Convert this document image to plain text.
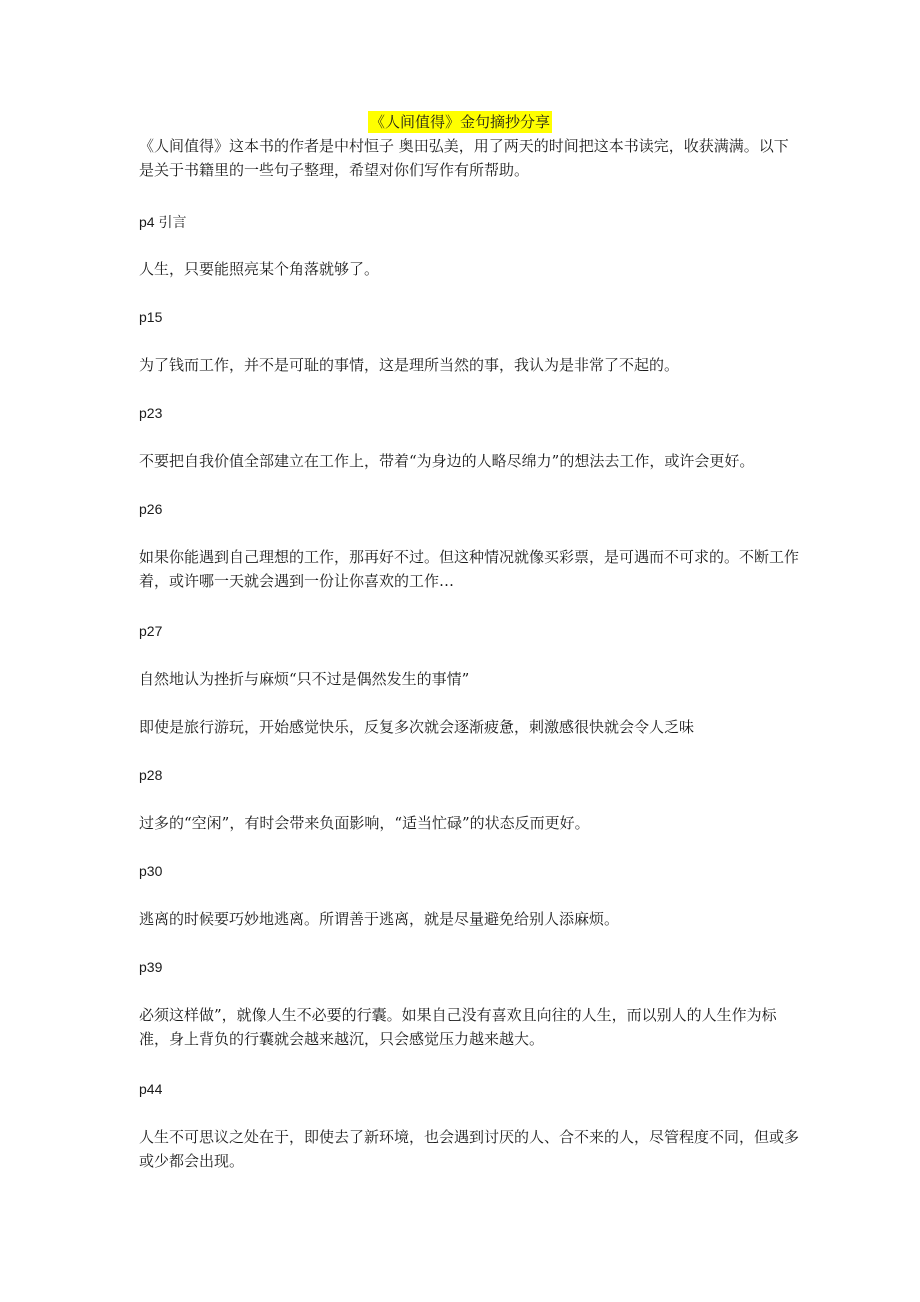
《人间值得》金句摘抄分享

《人间值得》这本书的作者是中村恒子 奥田弘美，用了两天的时间把这本书读完，收获满满。以下是关于书籍里的一些句子整理，希望对你们写作有所帮助。

p4 引言

人生，只要能照亮某个角落就够了。

p15

为了钱而工作，并不是可耻的事情，这是理所当然的事，我认为是非常了不起的。

p23

不要把自我价值全部建立在工作上，带着“为身边的人略尽绵力”的想法去工作，或许会更好。

p26

如果你能遇到自己理想的工作，那再好不过。但这种情况就像买彩票，是可遇而不可求的。不断工作着，或许哪一天就会遇到一份让你喜欢的工作…

p27

自然地认为挫折与麻烦“只不过是偶然发生的事情”

即使是旅行游玩，开始感觉快乐，反复多次就会逐渐疲惫，刺激感很快就会令人乏味

p28

过多的“空闲”，有时会带来负面影响，“适当忙碌”的状态反而更好。

p30

逃离的时候要巧妙地逃离。所谓善于逃离，就是尽量避免给别人添麻烦。

p39

必须这样做”，就像人生不必要的行囊。如果自己没有喜欢且向往的人生，而以别人的人生作为标准，身上背负的行囊就会越来越沉，只会感觉压力越来越大。

p44

人生不可思议之处在于，即使去了新环境，也会遇到讨厌的人、合不来的人，尽管程度不同，但或多或少都会出现。
